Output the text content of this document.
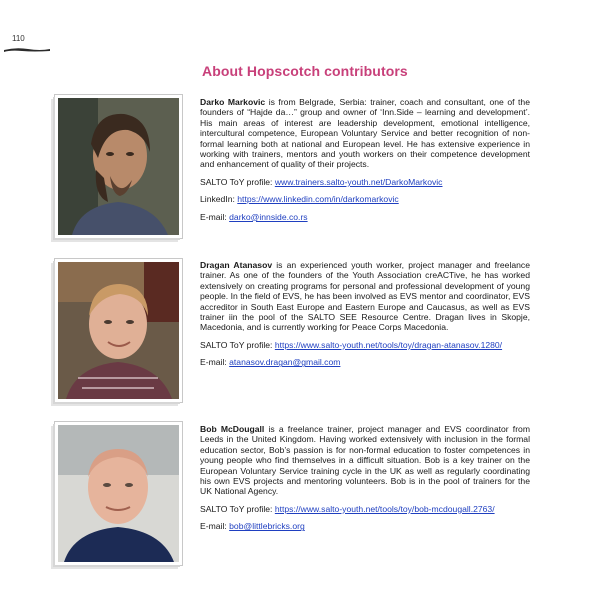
110
About Hopscotch contributors

Darko Markovic is from Belgrade, Serbia: trainer, coach and consultant, one of the founders of “Hajde da…” group and owner of ‘Inn.Side – learning and development’. His main areas of interest are leadership development, emotional intelligence, intercultural competence, European Voluntary Service and better recognition of non-formal learning both at national and European level. He has extensive experience in working with trainers, mentors and youth workers on their competence development and enhancement of quality of their projects.

SALTO ToY profile: www.trainers.salto-youth.net/DarkoMarkovic

LinkedIn: https://www.linkedin.com/in/darkomarkovic

E-mail: darko@innside.co.rs

Dragan Atanasov is an experienced youth worker, project manager and freelance trainer. As one of the founders of the Youth Association creACTive, he has worked extensively on creating programs for personal and professional development of young people. In the field of EVS, he has been involved as EVS mentor and coordinator, EVS accreditor in South East Europe and Eastern Europe and Caucasus, as well as EVS trainer iin the pool of the SALTO SEE Resource Centre. Dragan lives in Skopje, Macedonia, and is currently working for Peace Corps Macedonia.

SALTO ToY profile: https://www.salto-youth.net/tools/toy/dragan-atanasov.1280/

E-mail: atanasov.dragan@gmail.com

Bob McDougall is a freelance trainer, project manager and EVS coordinator from Leeds in the United Kingdom. Having worked extensively with inclusion in the formal education sector, Bob’s passion is for non-formal education to foster competences in young people who find themselves in a difficult situation. Bob is a key trainer on the European Voluntary Service training cycle in the UK as well as regularly coordinating his own EVS projects and mentoring volunteers. Bob is in the pool of trainers for the UK National Agency.

SALTO ToY profile: https://www.salto-youth.net/tools/toy/bob-mcdougall.2763/

E-mail: bob@littlebricks.org
